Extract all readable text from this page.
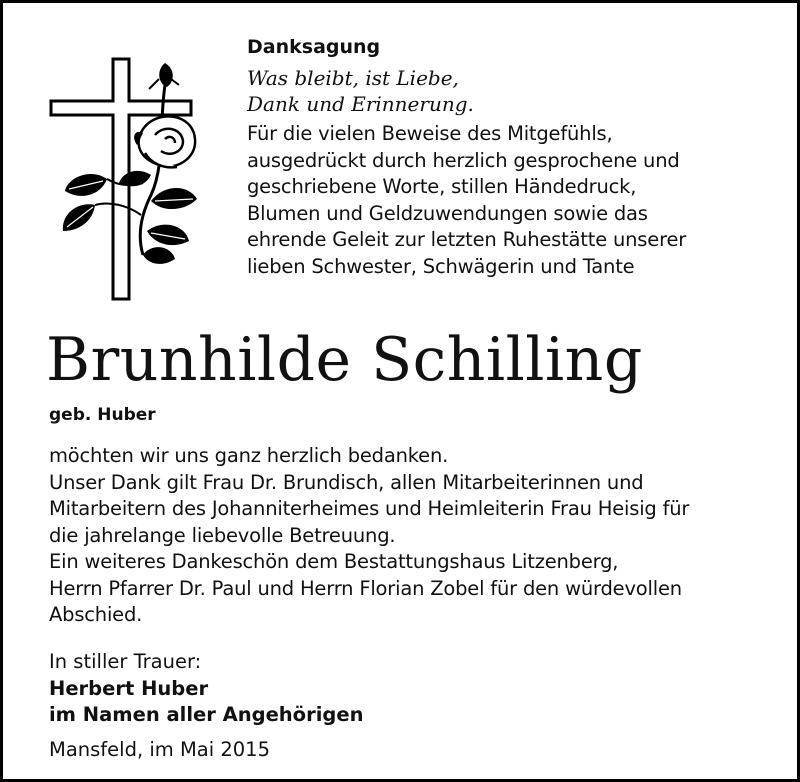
Danksagung
Was bleibt, ist Liebe,
Dank und Erinnerung.
Für die vielen Beweise des Mitgefühls,
ausgedrückt durch herzlich gesprochene und
geschriebene Worte, stillen Händedruck,
Blumen und Geldzuwendungen sowie das
ehrende Geleit zur letzten Ruhestätte unserer
lieben Schwester, Schwägerin und Tante
Brunhilde Schilling
geb. Huber
möchten wir uns ganz herzlich bedanken.
Unser Dank gilt Frau Dr. Brundisch, allen Mitarbeiterinnen und
Mitarbeitern des Johanniterheimes und Heimleiterin Frau Heisig für
die jahrelange liebevolle Betreuung.
Ein weiteres Dankeschön dem Bestattungshaus Litzenberg,
Herrn Pfarrer Dr. Paul und Herrn Florian Zobel für den würdevollen
Abschied.
In stiller Trauer:
Herbert Huber
im Namen aller Angehörigen
Mansfeld, im Mai 2015
